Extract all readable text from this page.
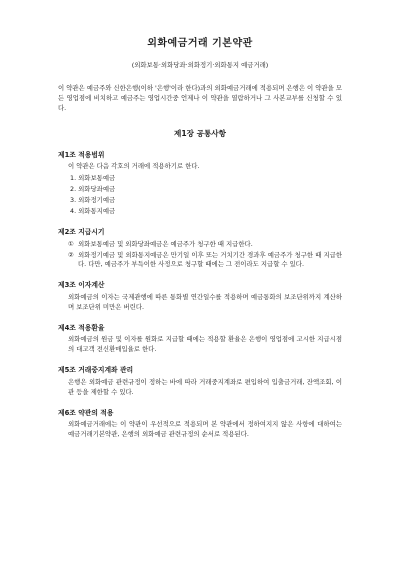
외화예금거래 기본약관
(외화보통·외화당좌·외화정기·외화통지 예금거래)
이 약관은 예금주와 신한은행(이하 '은행'이라 한다)과의 외화예금거래에 적용되며 은행은 이 약관을 모든 영업점에 비치하고 예금주는 영업시간중 언제나 이 약관을 열람하거나 그 사본교부를 신청할 수 있다.
제1장 공통사항
제1조 적용범위
이 약관은 다음 각호의 거래에 적용하기로 한다.
1. 외화보통예금
2. 외화당좌예금
3. 외화정기예금
4. 외화통지예금
제2조 지급시기
① 외화보통예금 및 외화당좌예금은 예금주가 청구한 때 지급한다.
② 외화정기예금 및 외화통지예금은 만기일 이후 또는 거치기간 경과후 예금주가 청구한 때 지급한다. 다만, 예금주가 부득이한 사정으로 청구할 때에는 그 전이라도 지급할 수 있다.
제3조 이자계산
외화예금의 이자는 국제관행에 따른 통화별 연간일수를 적용하며 예금통화의 보조단위까지 계산하며 보조단위 미만은 버린다.
제4조 적용환율
외화예금의 원금 및 이자를 원화로 지급할 때에는 적용할 환율은 은행이 영업점에 고시한 지급시점의 대고객 전신환매입율로 한다.
제5조 거래중지계좌 관리
은행은 외화예금 관련규정이 정하는 바에 따라 거래중지계좌로 편입하여 입출금거래, 잔액조회, 이관 등을 제한할 수 있다.
제6조 약관의 적용
외화예금거래에는 이 약관이 우선적으로 적용되며 본 약관에서 정하여지지 않은 사항에 대하여는 예금거래기본약관, 은행의 외화예금 관련규정의 순서로 적용된다.
